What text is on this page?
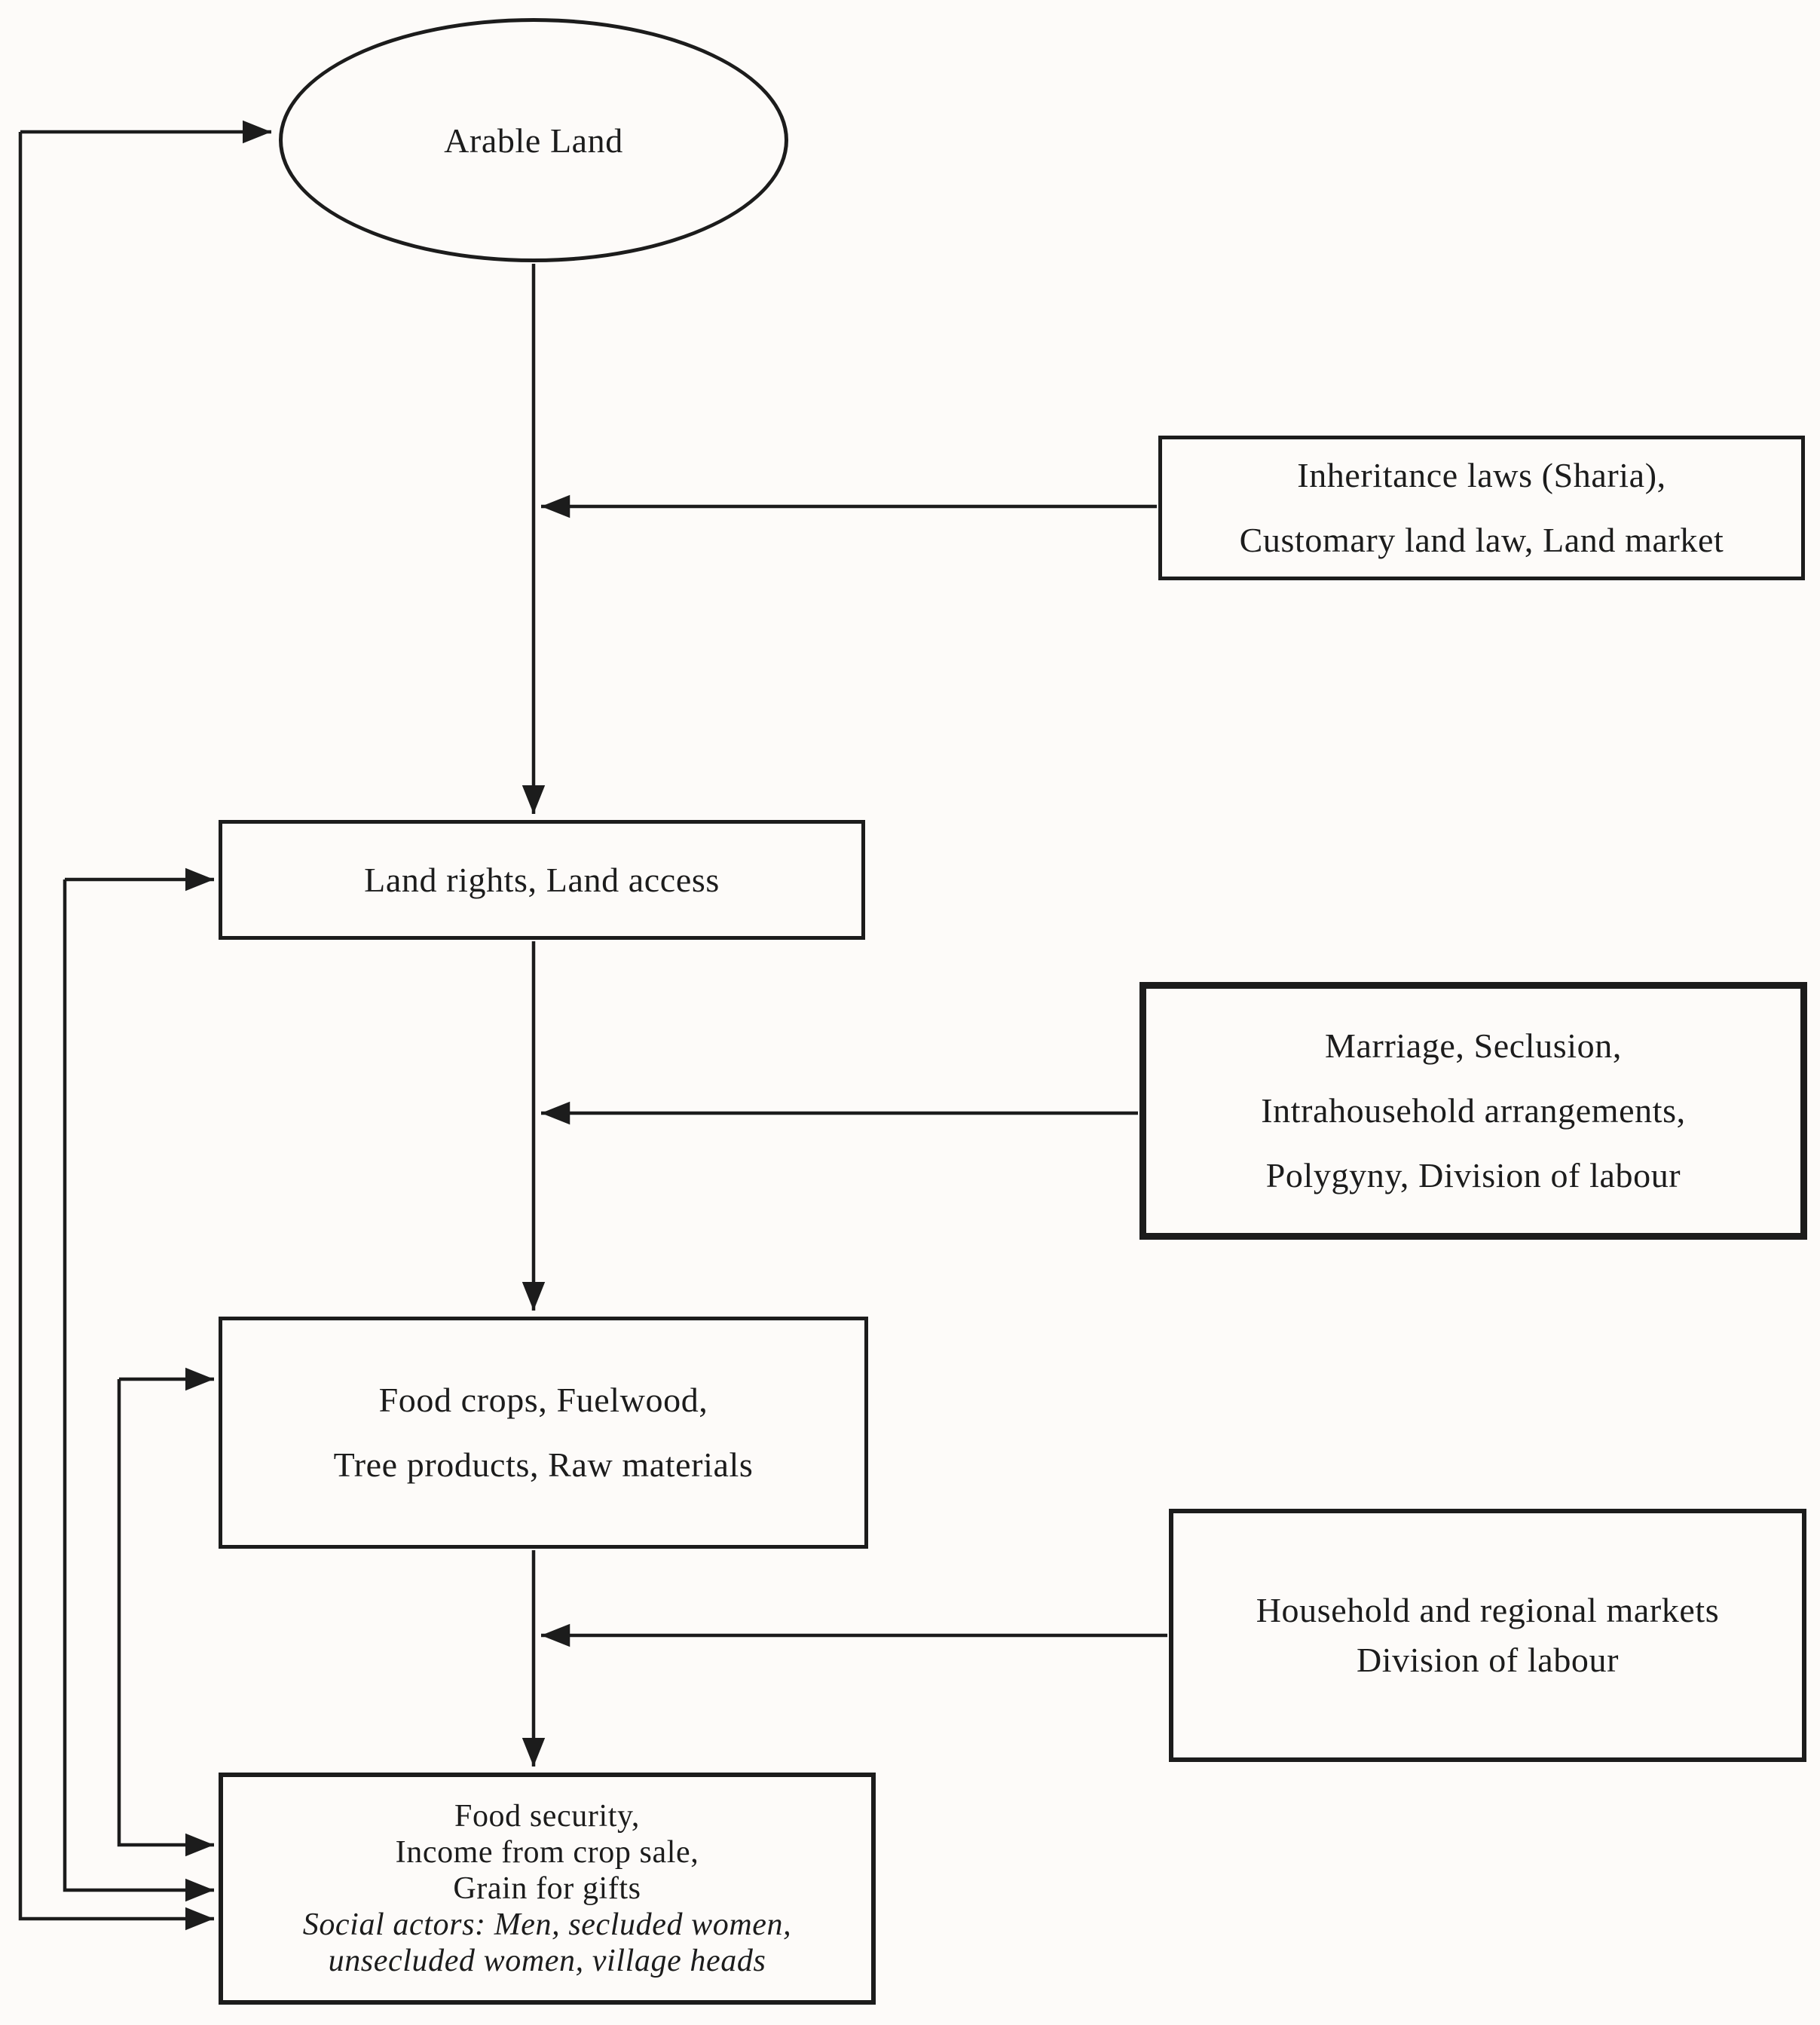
Arable Land
Inheritance laws (Sharia),
Customary land law, Land market
Land rights, Land access
Marriage, Seclusion,
Intrahousehold arrangements,
Polygyny, Division of labour
Food crops, Fuelwood,
Tree products, Raw materials
Household and regional markets
Division of labour
Food security,
Income from crop sale,
Grain for gifts
Social actors: Men, secluded women,
unsecluded women, village heads
